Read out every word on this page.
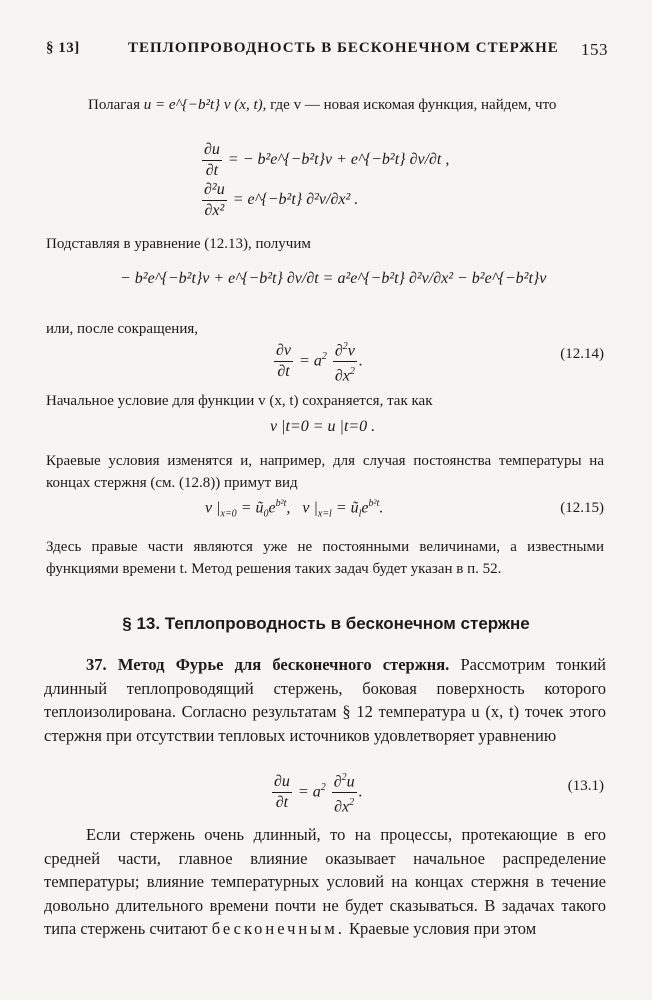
§ 13]	ТЕПЛОПРОВОДНОСТЬ В БЕСКОНЕЧНОМ СТЕРЖНЕ 153

Полагая u = e^{−b²t} v (x, t), где v — новая искомая функция, найдем, что

$\frac{\partial u}{\partial t}$ = − b²e^{−b²t}v + e^{−b²t} ∂v/∂t ,
$\frac{\text{∂²u}}{\text{∂x²}}$ = e^{−b²t} ∂²v/∂x² .

Подставляя в уравнение (12.13), получим

− b²e^{−b²t}v + e^{−b²t} ∂v/∂t = a²e^{−b²t} ∂²v/∂x² − b²e^{−b²t}v

или, после сокращения,

$\frac{\partial v}{\partial t} = a^2 \frac{\partial^2v}{\partial x^2}$ .	(12.14)

Начальное условие для функции v (x, t) сохраняется, так как

v |t=0 = u |t=0 .

Краевые условия изменятся и, например, для случая постоянства температуры на концах стержня (см. (12.8)) примут вид

v $|_{x=0}$ = $ũ_0e^{b^2t}$,   v $|_{x=l}$ = $ũ_le^{b^2t}$.	(12.15)

Здесь правые части являются уже не постоянными величинами, а известными функциями времени t. Метод решения таких задач будет указан в п. 52.

§ 13. Теплопроводность в бесконечном стержне

37. Метод Фурье для бесконечного стержня. Рассмотрим тонкий длинный теплопроводящий стержень, боковая поверхность которого теплоизолирована. Согласно результатам § 12 температура u (x, t) точек этого стержня при отсутствии тепловых источников удовлетворяет уравнению

$\frac{\partial u}{\partial t} = a^2 \frac{\partial^2u}{\partial x^2}$ .	(13.1)

Если стержень очень длинный, то на процессы, протекающие в его средней части, главное влияние оказывает начальное распределение температуры; влияние температурных условий на концах стержня в течение довольно длительного времени почти не будет сказываться. В задачах такого типа стержень считают бесконечным. Краевые условия при этом
